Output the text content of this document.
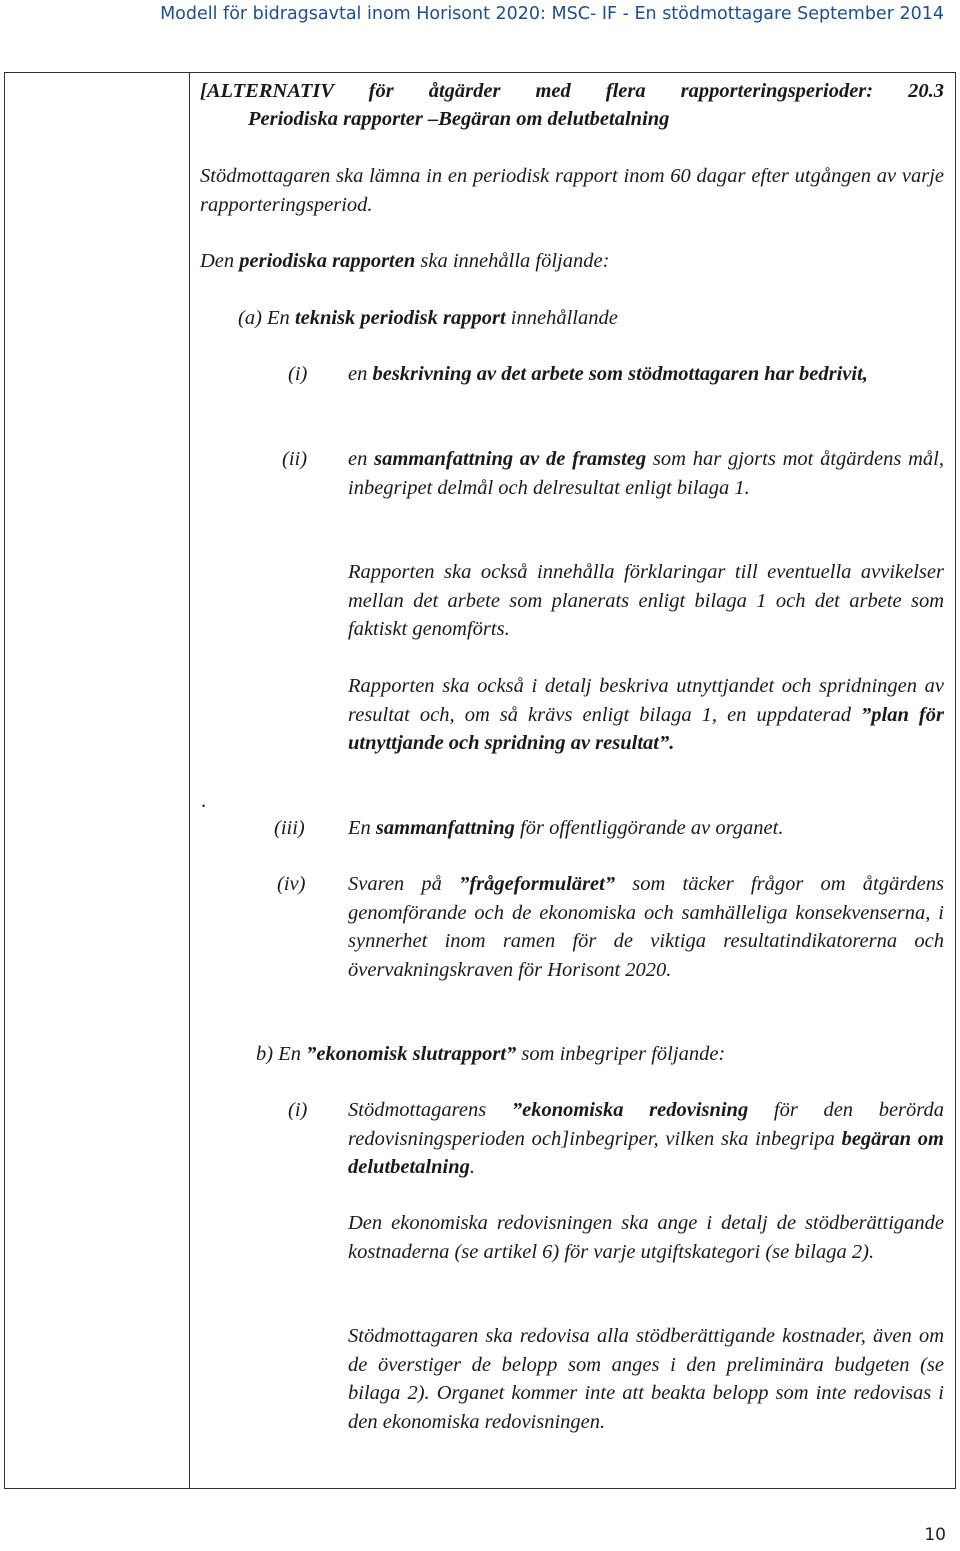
Modell för bidragsavtal inom Horisont 2020: MSC- IF - En stödmottagare September 2014

[ALTERNATIV för åtgärder med flera rapporteringsperioder: 20.3

Periodiska rapporter –Begäran om delutbetalning

Stödmottagaren ska lämna in en periodisk rapport inom 60 dagar efter utgången av varje rapporteringsperiod.

Den periodiska rapporten ska innehålla följande:

(a) En teknisk periodisk rapport innehållande

(i) en beskrivning av det arbete som stödmottagaren har bedrivit,

(ii) en sammanfattning av de framsteg som har gjorts mot åtgärdens mål, inbegripet delmål och delresultat enligt bilaga 1.

Rapporten ska också innehålla förklaringar till eventuella avvikelser mellan det arbete som planerats enligt bilaga 1 och det arbete som faktiskt genomförts.

Rapporten ska också i detalj beskriva utnyttjandet och spridningen av resultat och, om så krävs enligt bilaga 1, en uppdaterad ”plan för utnyttjande och spridning av resultat”.

.
(iii) En sammanfattning för offentliggörande av organet.

(iv) Svaren på ”frågeformuläret” som täcker frågor om åtgärdens genomförande och de ekonomiska och samhälleliga konsekvenserna, i synnerhet inom ramen för de viktiga resultatindikatorerna och övervakningskraven för Horisont 2020.

b) En ”ekonomisk slutrapport” som inbegriper följande:

(i) Stödmottagarens ”ekonomiska redovisning för den berörda redovisningsperioden och]inbegriper, vilken ska inbegripa begäran om delutbetalning.

Den ekonomiska redovisningen ska ange i detalj de stödberättigande kostnaderna (se artikel 6) för varje utgiftskategori (se bilaga 2).

Stödmottagaren ska redovisa alla stödberättigande kostnader, även om de överstiger de belopp som anges i den preliminära budgeten (se bilaga 2). Organet kommer inte att beakta belopp som inte redovisas i den ekonomiska redovisningen.

10
